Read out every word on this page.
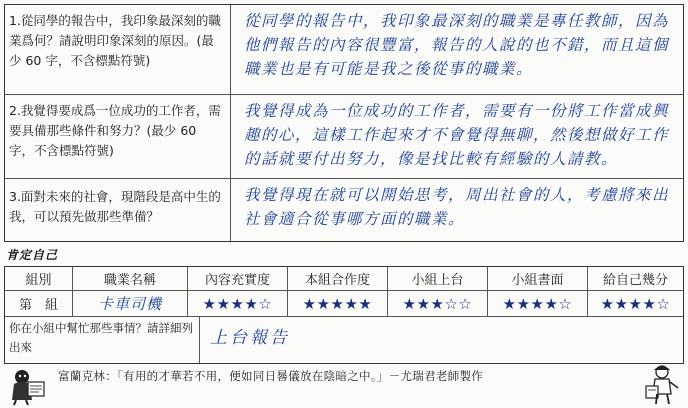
1.從同學的報告中，我印象最深刻的職業爲何？請說明印象深刻的原因。(最少 60 字，不含標點符號)
從同學的報告中，我印象最深刻的職業是專任教師，因為他們報告的內容很豐富，報告的人說的也不錯，而且這個職業也是有可能是我之後從事的職業。
2.我覺得要成爲一位成功的工作者，需要具備那些條件和努力？(最少 60 字，不含標點符號)
我覺得成為一位成功的工作者，需要有一份將工作當成興趣的心，這樣工作起來才不會覺得無聊，然後想做好工作的話就要付出努力，像是找比較有經驗的人請教。
3.面對未來的社會，現階段是高中生的我，可以預先做那些準備？
我覺得現在就可以開始思考，周出社會的人，考慮將來出社會適合從事哪方面的職業。
肯定自己
組別	職業名稱	內容充實度	本組合作度	小組上台	小組書面	給自己幾分
第　組	卡車司機	★★★★☆ ★★★★★ ★★★☆☆ ★★★★☆ ★★★★☆
你在小組中幫忙那些事情？請詳細列出來	上台報告
富蘭克林：「有用的才華若不用，便如同日晷儀放在陰暗之中。」－尤瑞君老師製作
